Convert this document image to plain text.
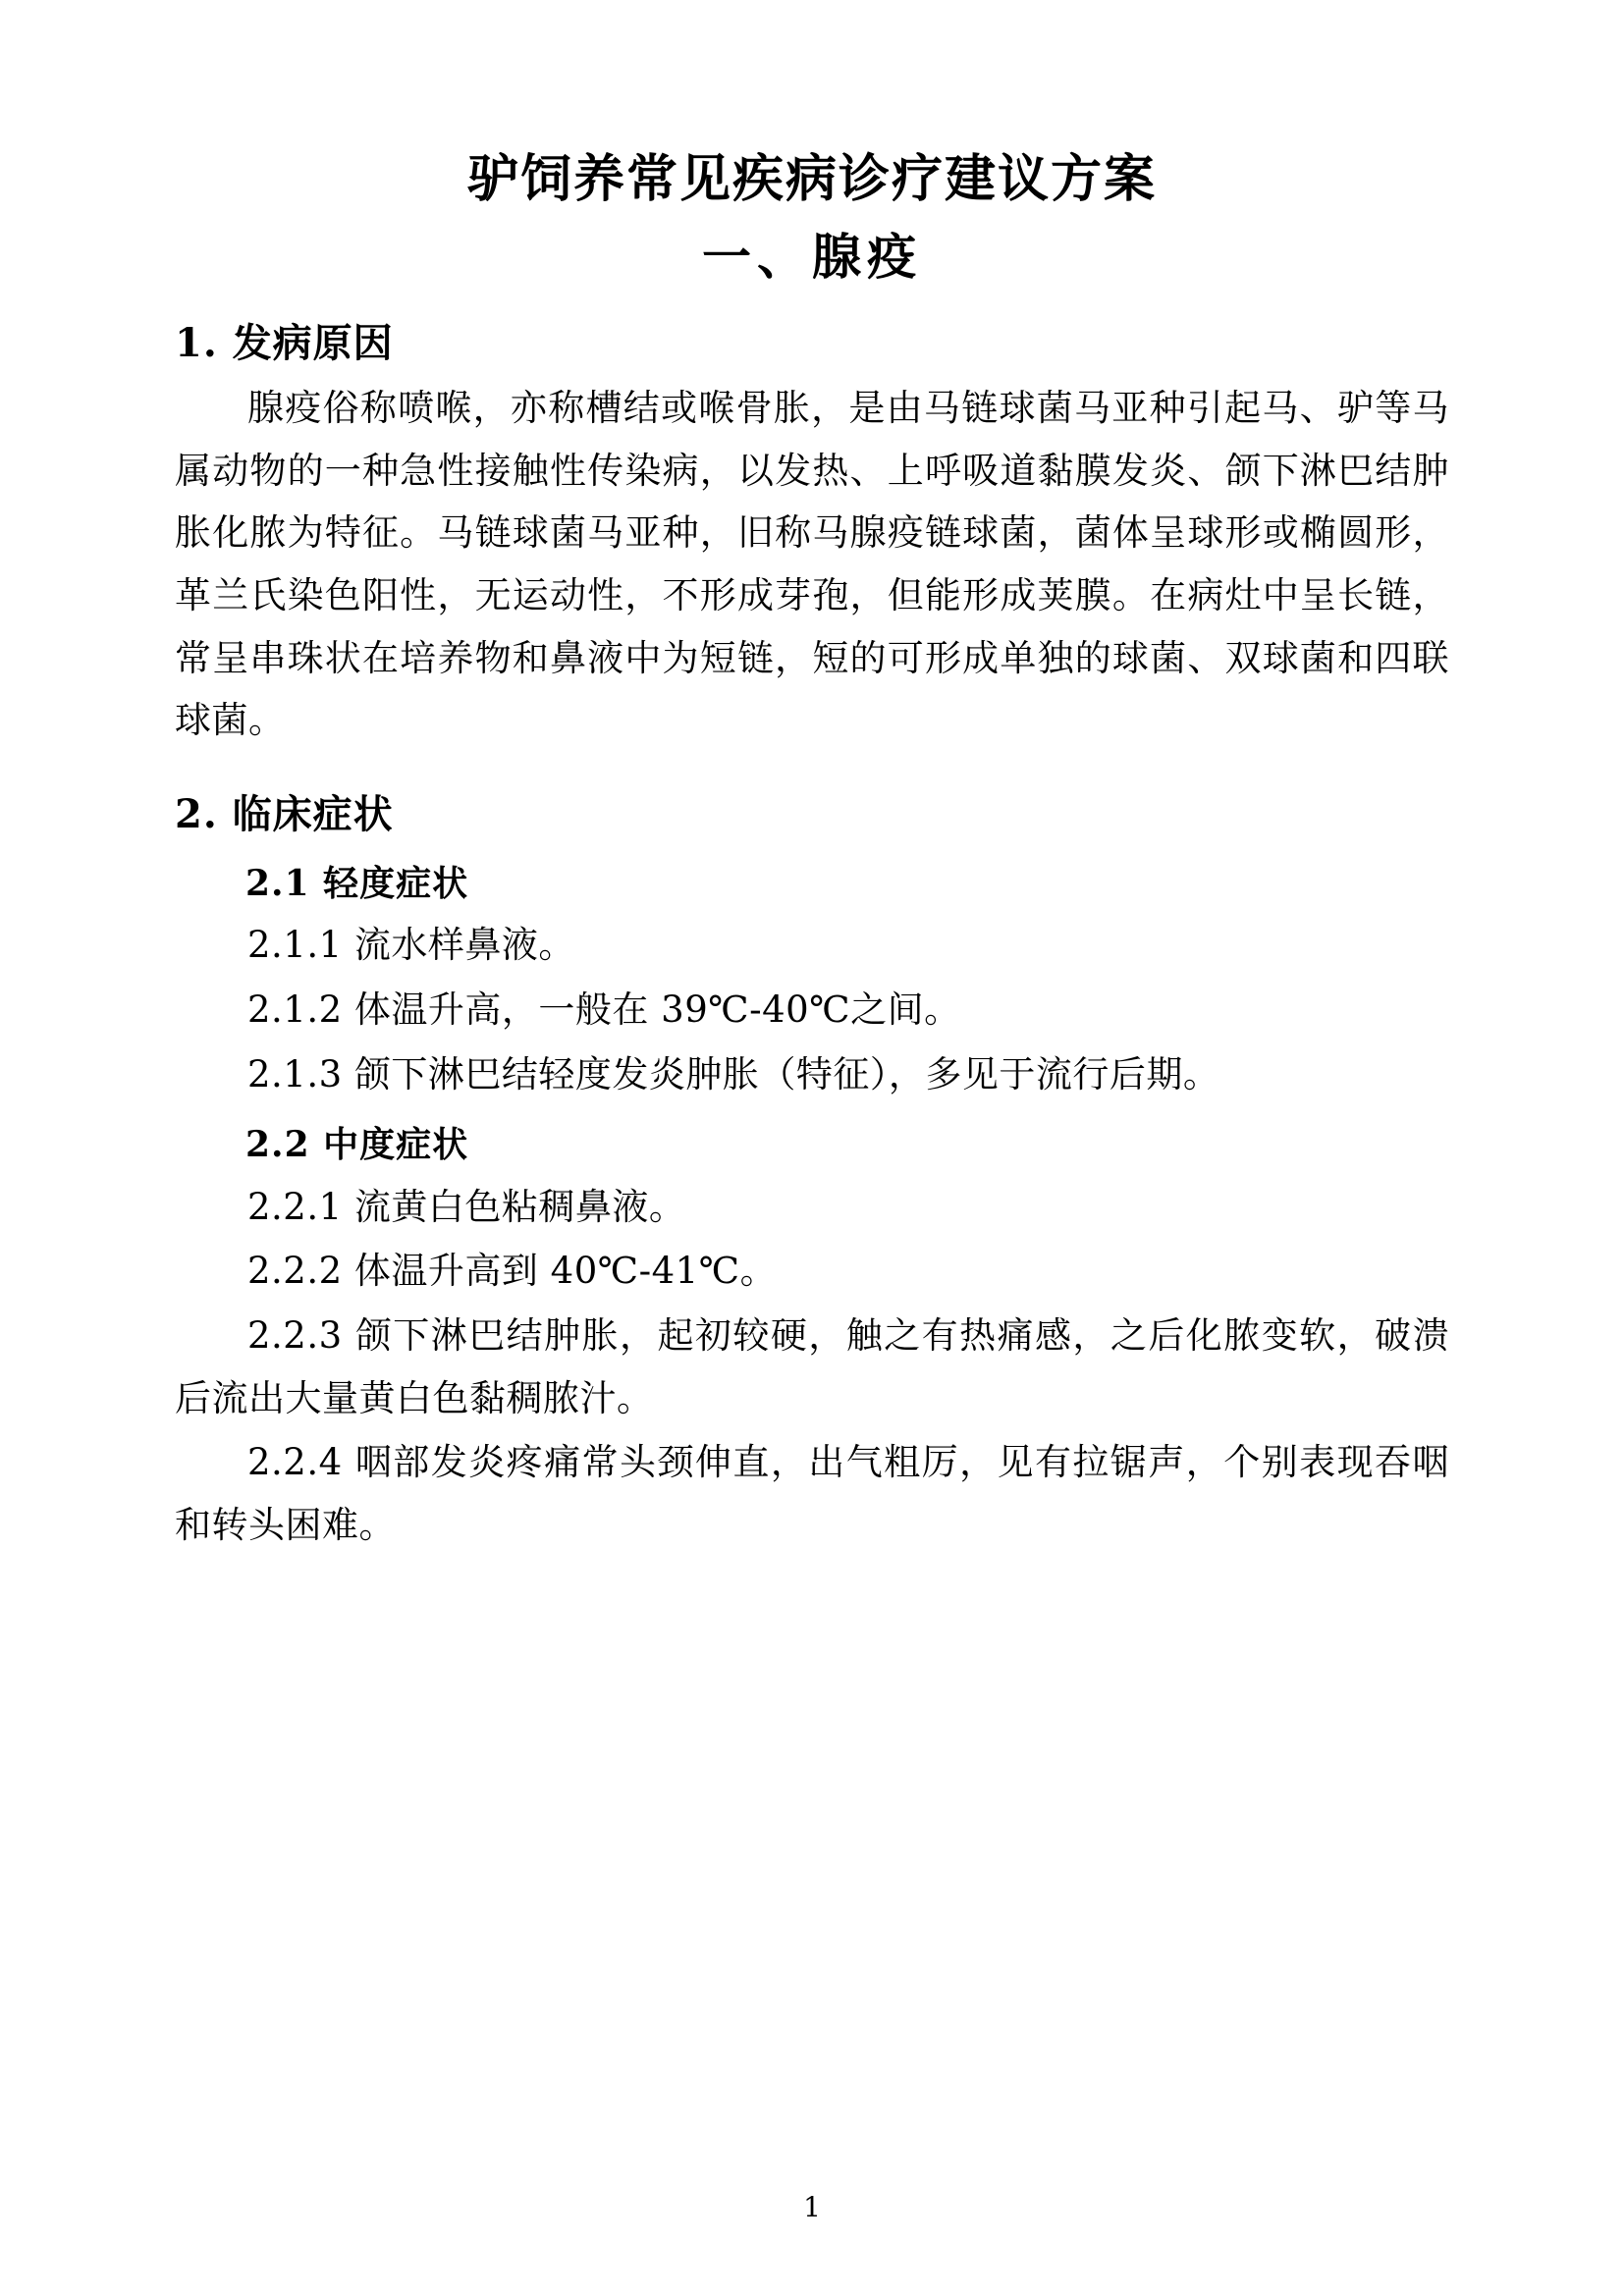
驴饲养常见疾病诊疗建议方案
一、腺疫
1. 发病原因

腺疫俗称喷喉，亦称槽结或喉骨胀，是由马链球菌马亚种引起马、驴等马属动物的一种急性接触性传染病，以发热、上呼吸道黏膜发炎、颌下淋巴结肿胀化脓为特征。马链球菌马亚种，旧称马腺疫链球菌，菌体呈球形或椭圆形，革兰氏染色阳性，无运动性，不形成芽孢，但能形成荚膜。在病灶中呈长链，常呈串珠状在培养物和鼻液中为短链，短的可形成单独的球菌、双球菌和四联球菌。

2. 临床症状
2.1 轻度症状

2.1.1 流水样鼻液。

2.1.2 体温升高，一般在 39℃-40℃之间。

2.1.3 颌下淋巴结轻度发炎肿胀（特征），多见于流行后期。

2.2 中度症状

2.2.1 流黄白色粘稠鼻液。

2.2.2 体温升高到 40℃-41℃。

2.2.3 颌下淋巴结肿胀，起初较硬，触之有热痛感，之后化脓变软，破溃后流出大量黄白色黏稠脓汁。

2.2.4 咽部发炎疼痛常头颈伸直，出气粗厉，见有拉锯声，个别表现吞咽和转头困难。

1
